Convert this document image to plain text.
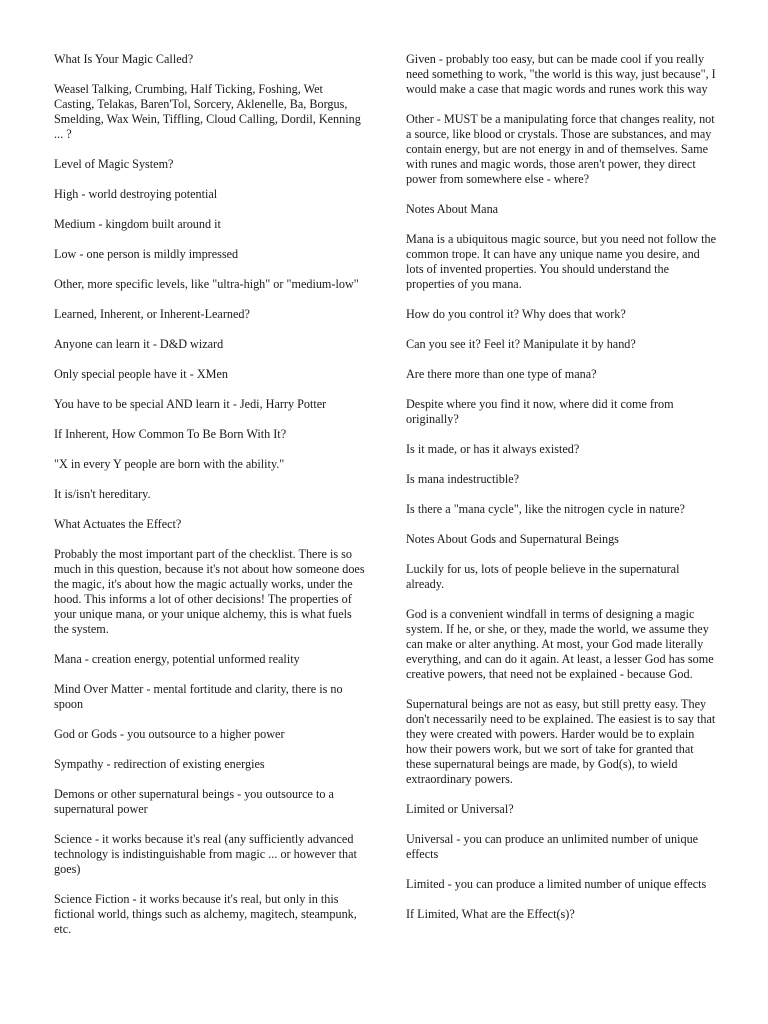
What Is Your Magic Called?

Weasel Talking, Crumbing, Half Ticking, Foshing, Wet Casting, Telakas, Baren'Tol, Sorcery, Aklenelle, Ba, Borgus, Smelding, Wax Wein, Tiffling, Cloud Calling, Dordil, Kenning ... ?

Level of Magic System?

High - world destroying potential

Medium - kingdom built around it

Low - one person is mildly impressed

Other, more specific levels, like "ultra-high" or "medium-low"

Learned, Inherent, or Inherent-Learned?

Anyone can learn it - D&D wizard

Only special people have it - XMen

You have to be special AND learn it - Jedi, Harry Potter

If Inherent, How Common To Be Born With It?

"X in every Y people are born with the ability."

It is/isn't hereditary.

What Actuates the Effect?

Probably the most important part of the checklist. There is so much in this question, because it's not about how someone does the magic, it's about how the magic actually works, under the hood. This informs a lot of other decisions! The properties of your unique mana, or your unique alchemy, this is what fuels the system.

Mana - creation energy, potential unformed reality

Mind Over Matter - mental fortitude and clarity, there is no spoon

God or Gods - you outsource to a higher power

Sympathy - redirection of existing energies

Demons or other supernatural beings - you outsource to a supernatural power

Science - it works because it's real (any sufficiently advanced technology is indistinguishable from magic ... or however that goes)

Science Fiction - it works because it's real, but only in this fictional world, things such as alchemy, magitech, steampunk, etc.

Given - probably too easy, but can be made cool if you really need something to work, "the world is this way, just because", I would make a case that magic words and runes work this way

Other - MUST be a manipulating force that changes reality, not a source, like blood or crystals. Those are substances, and may contain energy, but are not energy in and of themselves. Same with runes and magic words, those aren't power, they direct power from somewhere else - where?

Notes About Mana

Mana is a ubiquitous magic source, but you need not follow the common trope. It can have any unique name you desire, and lots of invented properties. You should understand the properties of you mana.

How do you control it? Why does that work?

Can you see it? Feel it? Manipulate it by hand?

Are there more than one type of mana?

Despite where you find it now, where did it come from originally?

Is it made, or has it always existed?

Is mana indestructible?

Is there a "mana cycle", like the nitrogen cycle in nature?

Notes About Gods and Supernatural Beings

Luckily for us, lots of people believe in the supernatural already.

God is a convenient windfall in terms of designing a magic system. If he, or she, or they, made the world, we assume they can make or alter anything. At most, your God made literally everything, and can do it again. At least, a lesser God has some creative powers, that need not be explained - because God.

Supernatural beings are not as easy, but still pretty easy. They don't necessarily need to be explained. The easiest is to say that they were created with powers. Harder would be to explain how their powers work, but we sort of take for granted that these supernatural beings are made, by God(s), to wield extraordinary powers.

Limited or Universal?

Universal - you can produce an unlimited number of unique effects

Limited - you can produce a limited number of unique effects

If Limited, What are the Effect(s)?
